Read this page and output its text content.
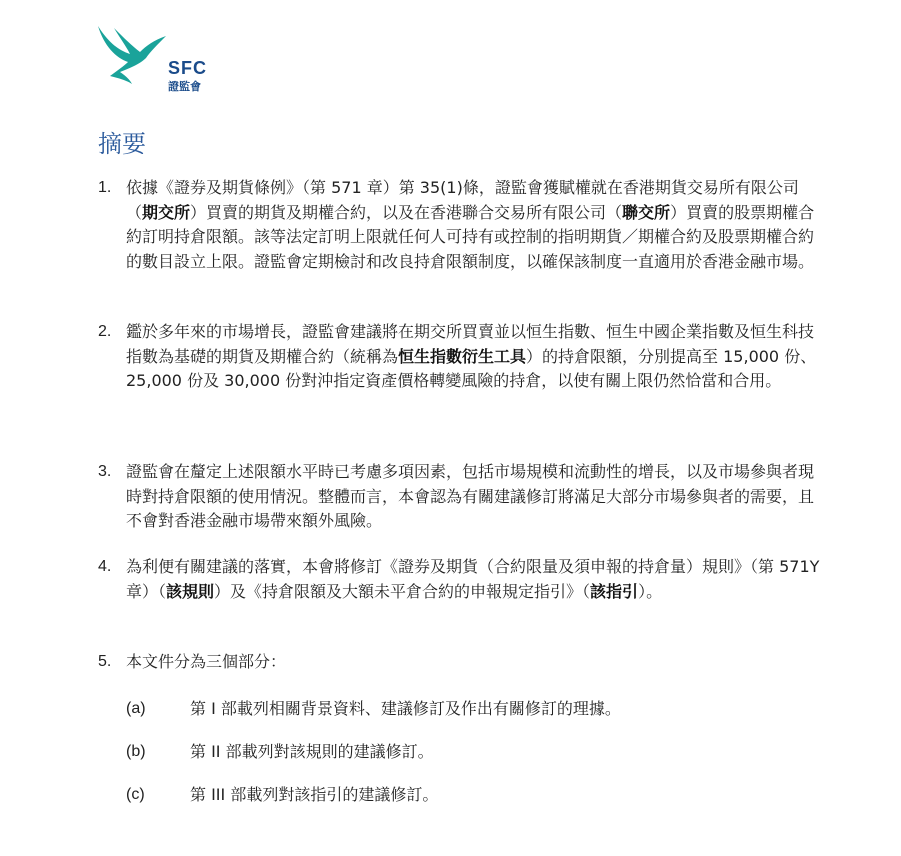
SFC
證監會
摘要
1. 依據《證券及期貨條例》（第 571 章）第 35(1)條，證監會獲賦權就在香港期貨交易所有限公司（期交所）買賣的期貨及期權合約，以及在香港聯合交易所有限公司（聯交所）買賣的股票期權合約訂明持倉限額。該等法定訂明上限就任何人可持有或控制的指明期貨／期權合約及股票期權合約的數目設立上限。證監會定期檢討和改良持倉限額制度，以確保該制度一直適用於香港金融市場。
2. 鑑於多年來的市場增長，證監會建議將在期交所買賣並以恒生指數、恒生中國企業指數及恒生科技指數為基礎的期貨及期權合約（統稱為恒生指數衍生工具）的持倉限額，分別提高至 15,000 份、25,000 份及 30,000 份對沖指定資產價格轉變風險的持倉，以使有關上限仍然恰當和合用。
3. 證監會在釐定上述限額水平時已考慮多項因素，包括市場規模和流動性的增長，以及市場參與者現時對持倉限額的使用情況。整體而言，本會認為有關建議修訂將滿足大部分市場參與者的需要，且不會對香港金融市場帶來額外風險。
4. 為利便有關建議的落實，本會將修訂《證券及期貨（合約限量及須申報的持倉量）規則》（第 571Y 章）（該規則）及《持倉限額及大額未平倉合約的申報規定指引》（該指引）。
5. 本文件分為三個部分：
(a)	第 I 部載列相關背景資料、建議修訂及作出有關修訂的理據。
(b)	第 II 部載列對該規則的建議修訂。
(c)	第 III 部載列對該指引的建議修訂。
